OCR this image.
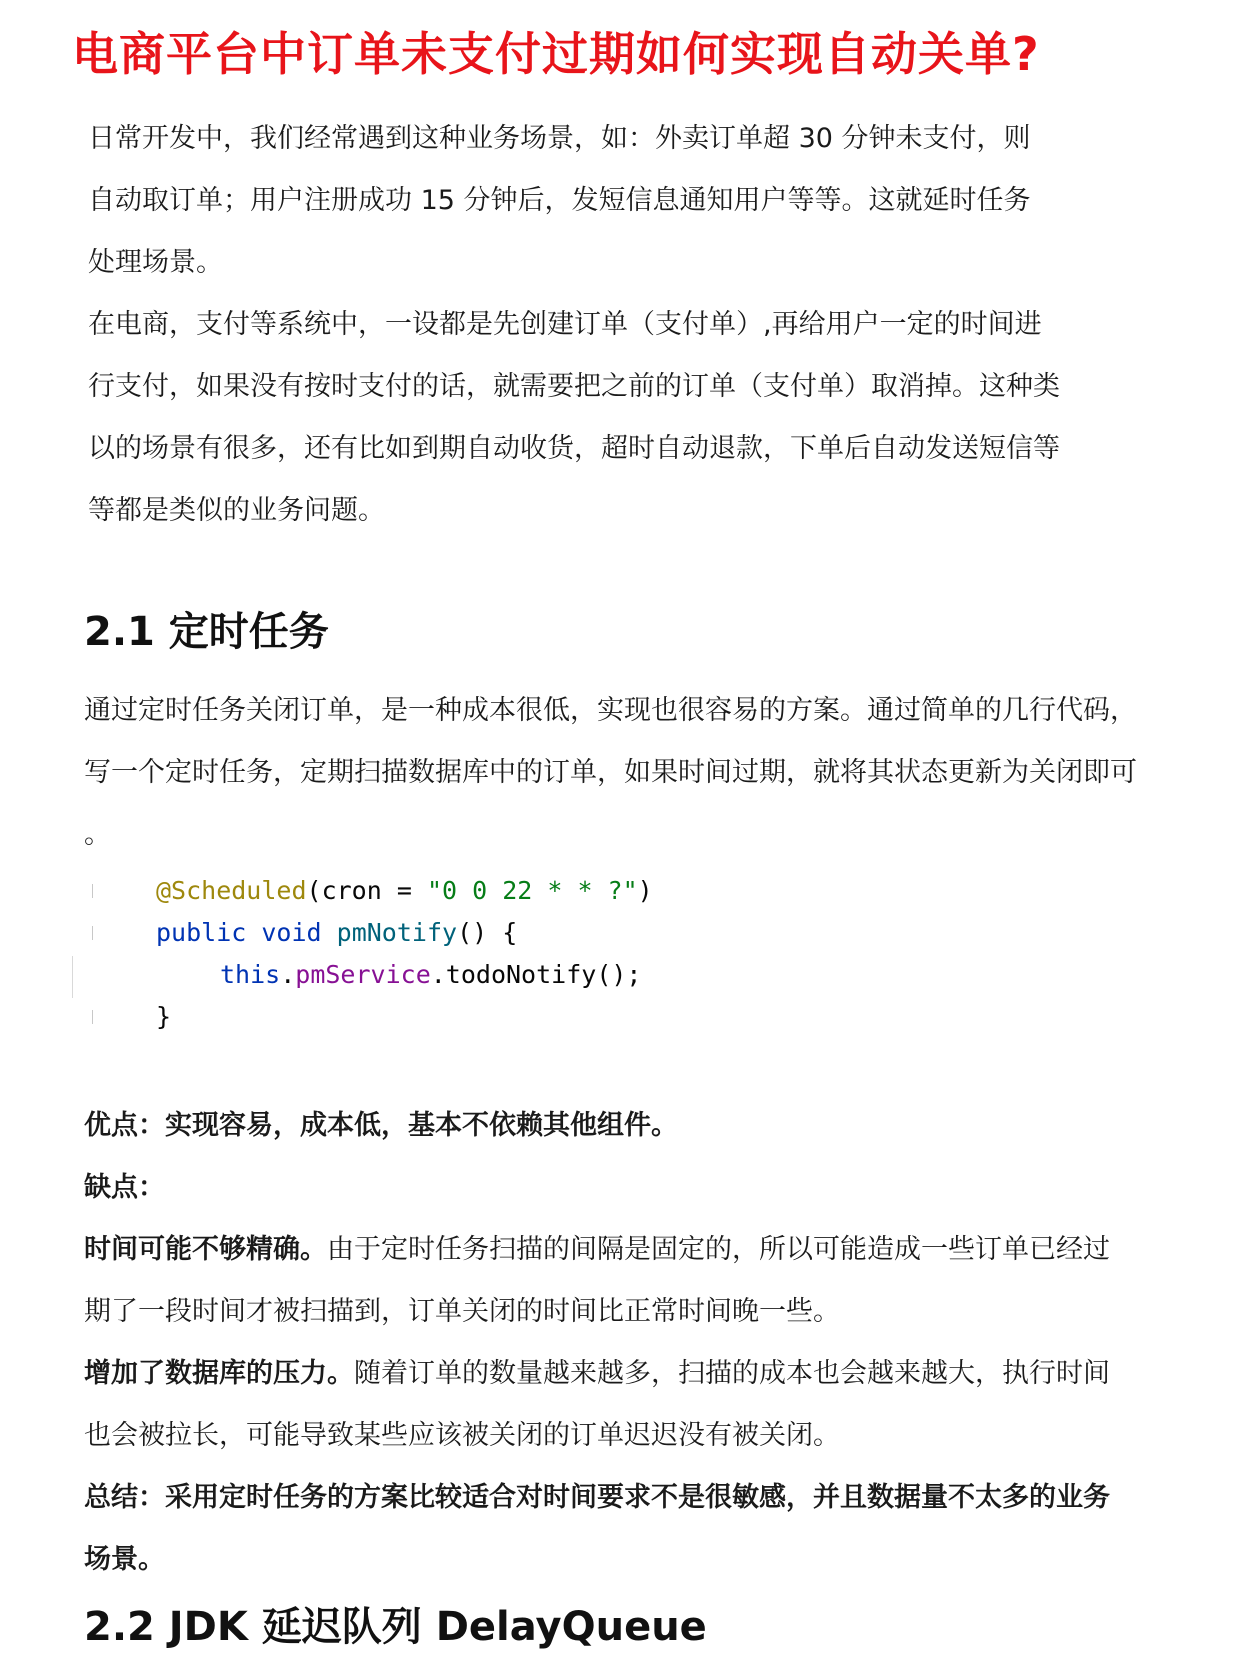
电商平台中订单未支付过期如何实现自动关单?

日常开发中，我们经常遇到这种业务场景，如：外卖订单超 30 分钟未支付，则
自动取订单；用户注册成功 15 分钟后，发短信息通知用户等等。这就延时任务
处理场景。
在电商，支付等系统中，一设都是先创建订单（支付单）,再给用户一定的时间进
行支付，如果没有按时支付的话，就需要把之前的订单（支付单）取消掉。这种类
以的场景有很多，还有比如到期自动收货，超时自动退款，下单后自动发送短信等
等都是类似的业务问题。

2.1 定时任务

通过定时任务关闭订单，是一种成本很低，实现也很容易的方案。通过简单的几行代码，
写一个定时任务，定期扫描数据库中的订单，如果时间过期，就将其状态更新为关闭即可
。

@Scheduled(cron = "0 0 22 * * ?")

public void pmNotify() {

this.pmService.todoNotify();

}

优点：实现容易，成本低，基本不依赖其他组件。
缺点：
时间可能不够精确。由于定时任务扫描的间隔是固定的，所以可能造成一些订单已经过
期了一段时间才被扫描到，订单关闭的时间比正常时间晚一些。
增加了数据库的压力。随着订单的数量越来越多，扫描的成本也会越来越大，执行时间
也会被拉长，可能导致某些应该被关闭的订单迟迟没有被关闭。
总结：采用定时任务的方案比较适合对时间要求不是很敏感，并且数据量不太多的业务
场景。

2.2 JDK 延迟队列 DelayQueue
